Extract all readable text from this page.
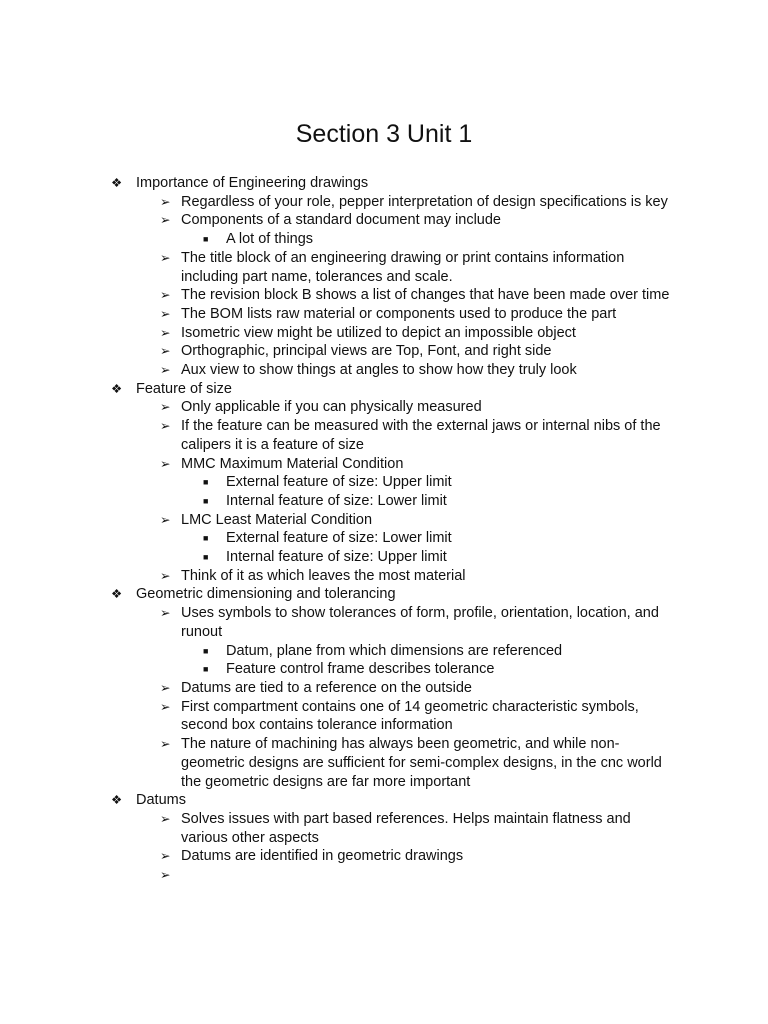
Section 3 Unit 1
❖ Importance of Engineering drawings
➢ Regardless of your role, pepper interpretation of design specifications is key
➢ Components of a standard document may include
■ A lot of things
➢ The title block of an engineering drawing or print contains information including part name, tolerances and scale.
➢ The revision block B shows a list of changes that have been made over time
➢ The BOM lists raw material or components used to produce the part
➢ Isometric view might be utilized to depict an impossible object
➢ Orthographic, principal views are Top, Font, and right side
➢ Aux view to show things at angles to show how they truly look
❖ Feature of size
➢ Only applicable if you can physically measured
➢ If the feature can be measured with the external jaws or internal nibs of the calipers it is a feature of size
➢ MMC Maximum Material Condition
■ External feature of size: Upper limit
■ Internal feature of size: Lower limit
➢ LMC Least Material Condition
■ External feature of size: Lower limit
■ Internal feature of size: Upper limit
➢ Think of it as which leaves the most material
❖ Geometric dimensioning and tolerancing
➢ Uses symbols to show tolerances of form, profile, orientation, location, and runout
■ Datum, plane from which dimensions are referenced
■ Feature control frame describes tolerance
➢ Datums are tied to a reference on the outside
➢ First compartment contains one of 14 geometric characteristic symbols, second box contains tolerance information
➢ The nature of machining has always been geometric, and while non-geometric designs are sufficient for semi-complex designs, in the cnc world the geometric designs are far more important
❖ Datums
➢ Solves issues with part based references. Helps maintain flatness and various other aspects
➢ Datums are identified in geometric drawings
➢
